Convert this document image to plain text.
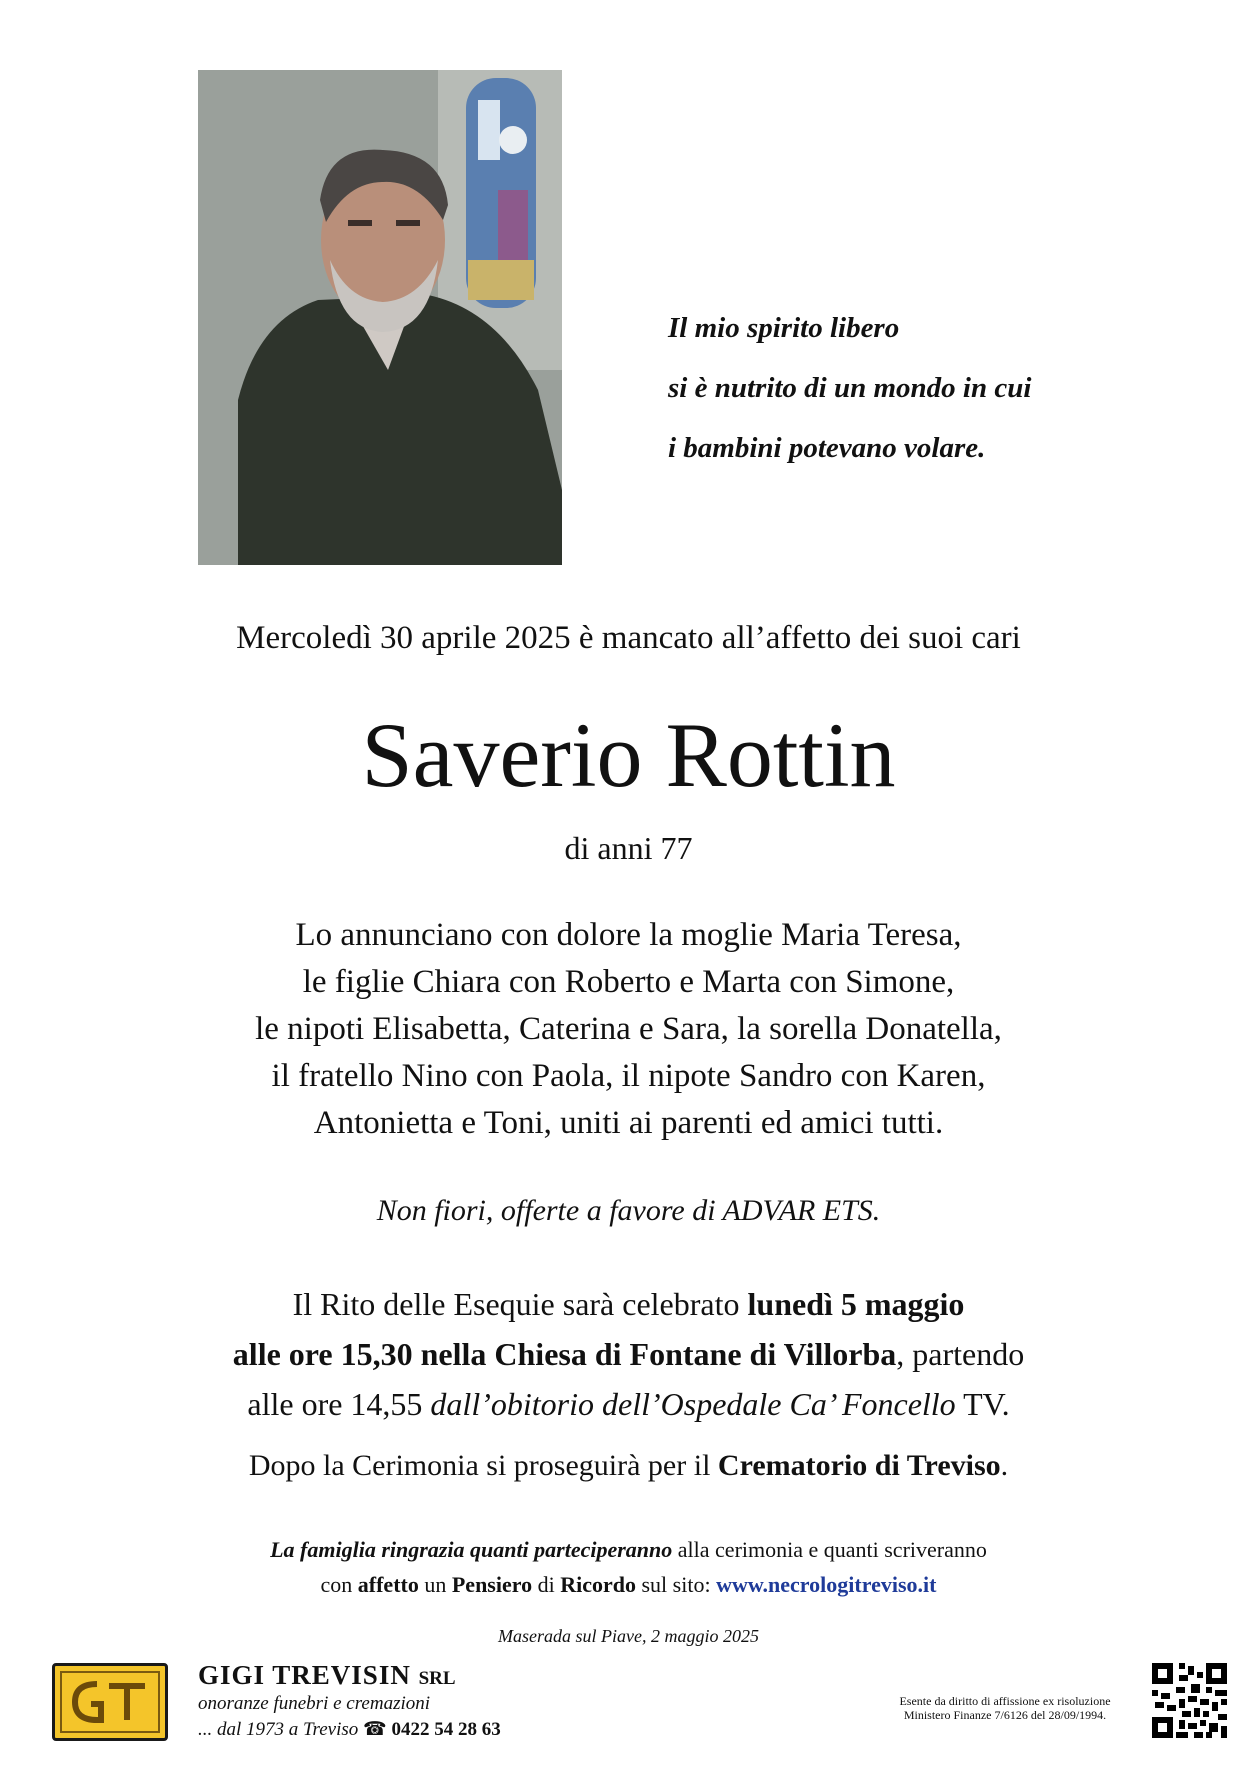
Il mio spirito libero
si è nutrito di un mondo in cui
i bambini potevano volare.
Mercoledì 30 aprile 2025 è mancato all’affetto dei suoi cari
Saverio Rottin
di anni 77
Lo annunciano con dolore la moglie Maria Teresa,
le figlie Chiara con Roberto e Marta con Simone,
le nipoti Elisabetta, Caterina e Sara, la sorella Donatella,
il fratello Nino con Paola, il nipote Sandro con Karen,
Antonietta e Toni, uniti ai parenti ed amici tutti.
Non fiori, offerte a favore di ADVAR ETS.
Il Rito delle Esequie sarà celebrato lunedì 5 maggio
alle ore 15,30 nella Chiesa di Fontane di Villorba, partendo
alle ore 14,55 dall’obitorio dell’Ospedale Ca’ Foncello TV.
Dopo la Cerimonia si proseguirà per il Crematorio di Treviso.
La famiglia ringrazia quanti parteciperanno alla cerimonia e quanti scriveranno
con affetto un Pensiero di Ricordo sul sito: www.necrologitreviso.it
Maserada sul Piave, 2 maggio 2025
GIGI TREVISIN SRL
onoranze funebri e cremazioni
... dal 1973 a Treviso ☎ 0422 54 28 63
Esente da diritto di affissione ex risoluzione
Ministero Finanze 7/6126 del 28/09/1994.
